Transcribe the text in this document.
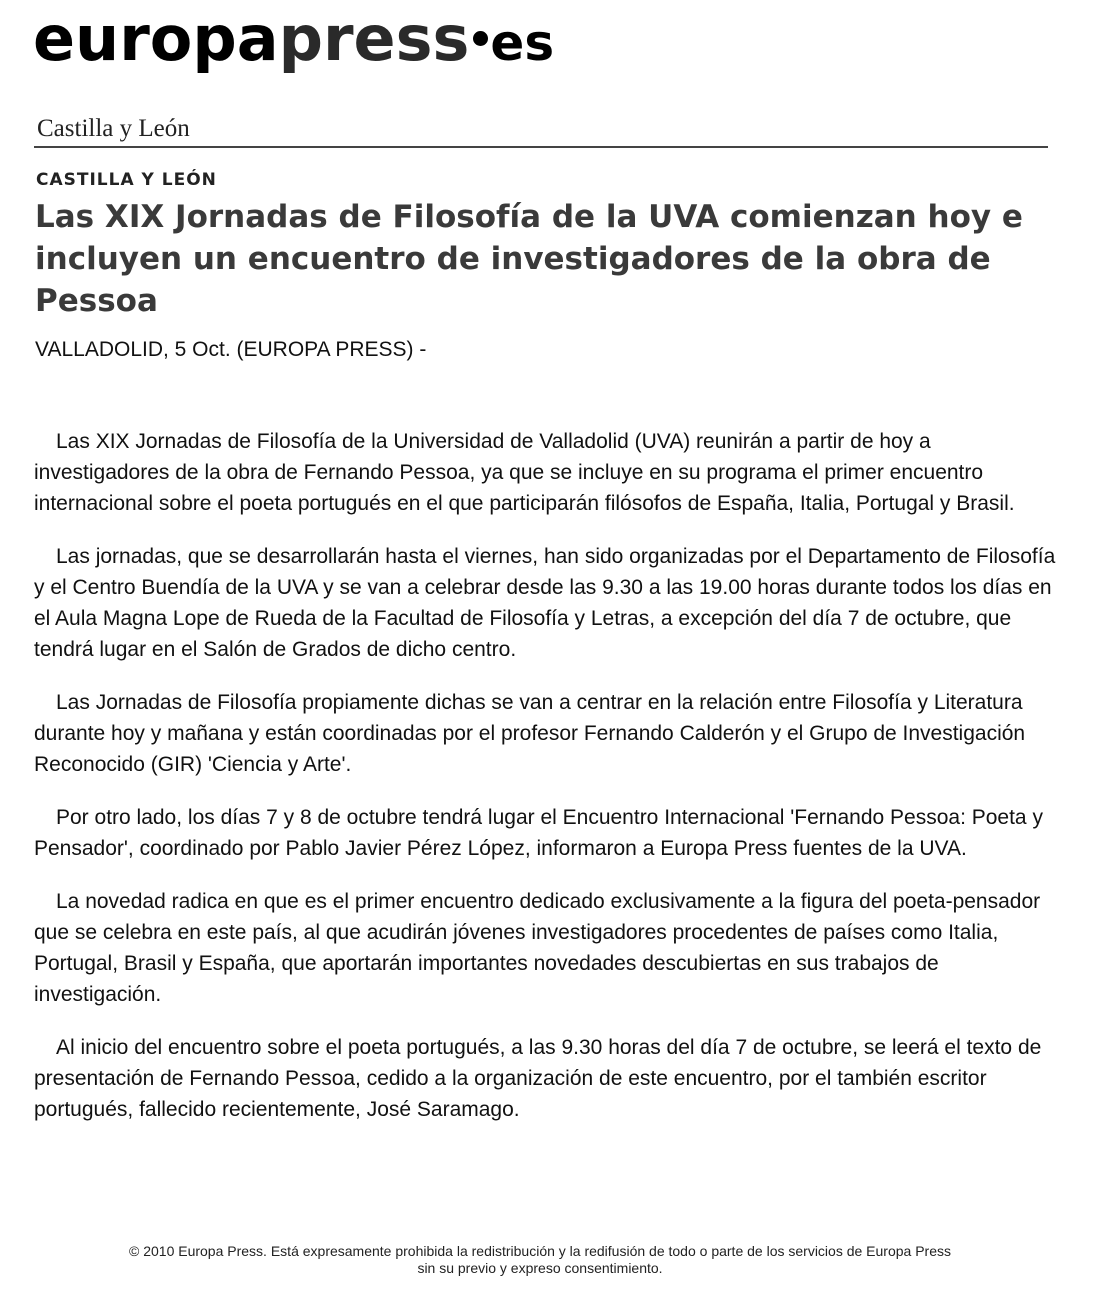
europapress es
Castilla y León
CASTILLA Y LEÓN
Las XIX Jornadas de Filosofía de la UVA comienzan hoy e incluyen un encuentro de investigadores de la obra de Pessoa
VALLADOLID, 5 Oct. (EUROPA PRESS) -

Las XIX Jornadas de Filosofía de la Universidad de Valladolid (UVA) reunirán a partir de hoy a investigadores de la obra de Fernando Pessoa, ya que se incluye en su programa el primer encuentro internacional sobre el poeta portugués en el que participarán filósofos de España, Italia, Portugal y Brasil.

Las jornadas, que se desarrollarán hasta el viernes, han sido organizadas por el Departamento de Filosofía y el Centro Buendía de la UVA y se van a celebrar desde las 9.30 a las 19.00 horas durante todos los días en el Aula Magna Lope de Rueda de la Facultad de Filosofía y Letras, a excepción del día 7 de octubre, que tendrá lugar en el Salón de Grados de dicho centro.

Las Jornadas de Filosofía propiamente dichas se van a centrar en la relación entre Filosofía y Literatura durante hoy y mañana y están coordinadas por el profesor Fernando Calderón y el Grupo de Investigación Reconocido (GIR) 'Ciencia y Arte'.

Por otro lado, los días 7 y 8 de octubre tendrá lugar el Encuentro Internacional 'Fernando Pessoa: Poeta y Pensador', coordinado por Pablo Javier Pérez López, informaron a Europa Press fuentes de la UVA.

La novedad radica en que es el primer encuentro dedicado exclusivamente a la figura del poeta-pensador que se celebra en este país, al que acudirán jóvenes investigadores procedentes de países como Italia, Portugal, Brasil y España, que aportarán importantes novedades descubiertas en sus trabajos de investigación.

Al inicio del encuentro sobre el poeta portugués, a las 9.30 horas del día 7 de octubre, se leerá el texto de presentación de Fernando Pessoa, cedido a la organización de este encuentro, por el también escritor portugués, fallecido recientemente, José Saramago.

© 2010 Europa Press. Está expresamente prohibida la redistribución y la redifusión de todo o parte de los servicios de Europa Press
sin su previo y expreso consentimiento.
